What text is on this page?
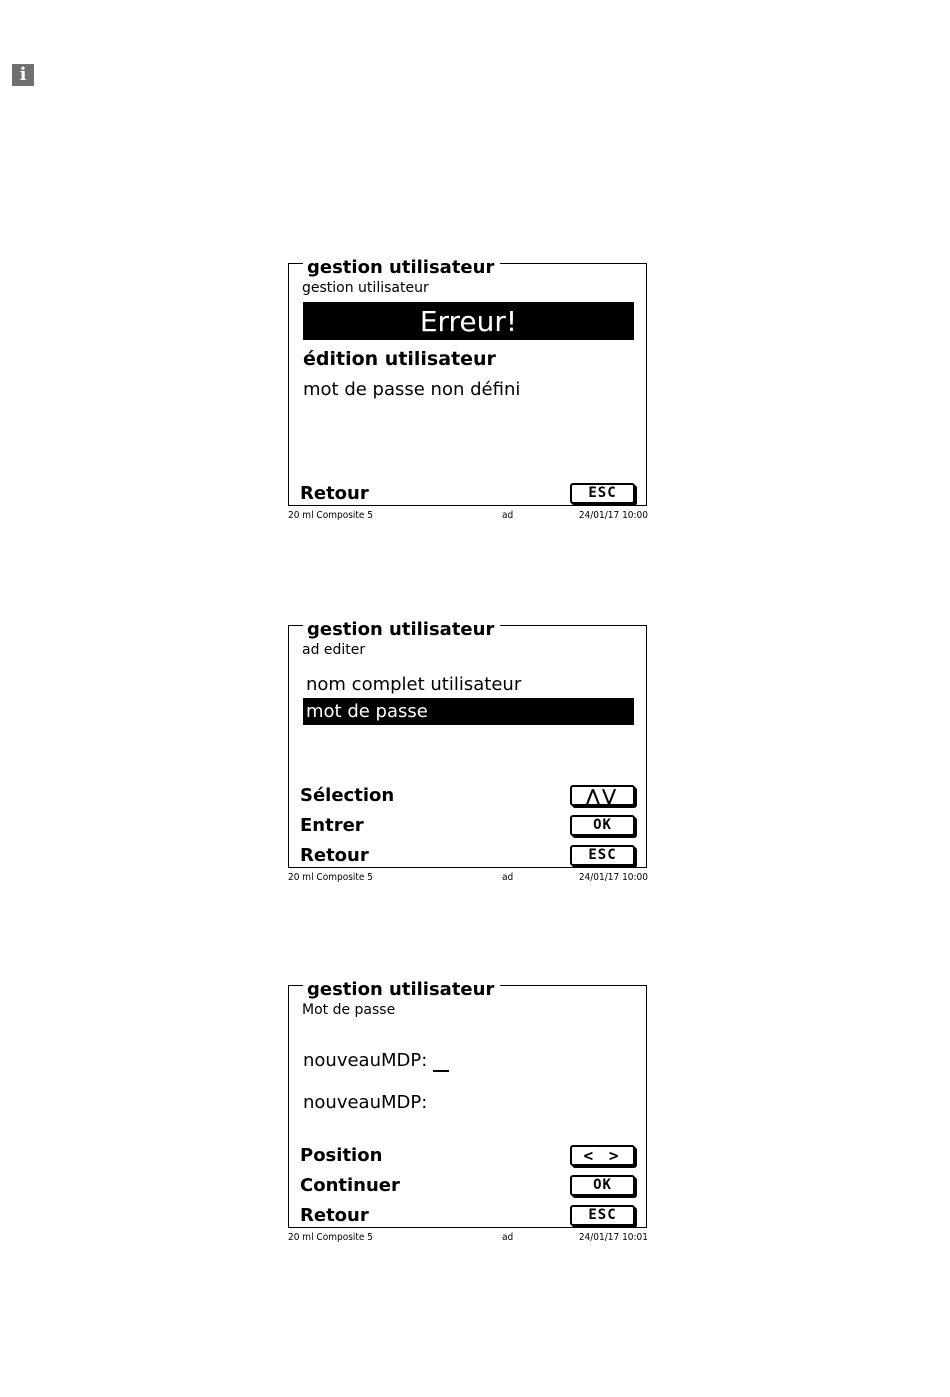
i
gestion utilisateur
gestion utilisateur
Erreur!
édition utilisateur
mot de passe non défini
Retour	ESC
20 ml Composite 5	ad	24/01/17 10:00
gestion utilisateur
ad editer
nom complet utilisateur
mot de passe
Sélection	⋀⋁
Entrer	OK
Retour	ESC
20 ml Composite 5	ad	24/01/17 10:00
gestion utilisateur
Mot de passe
nouveauMDP:
nouveauMDP:
Position	< >
Continuer	OK
Retour	ESC
20 ml Composite 5	ad	24/01/17 10:01
